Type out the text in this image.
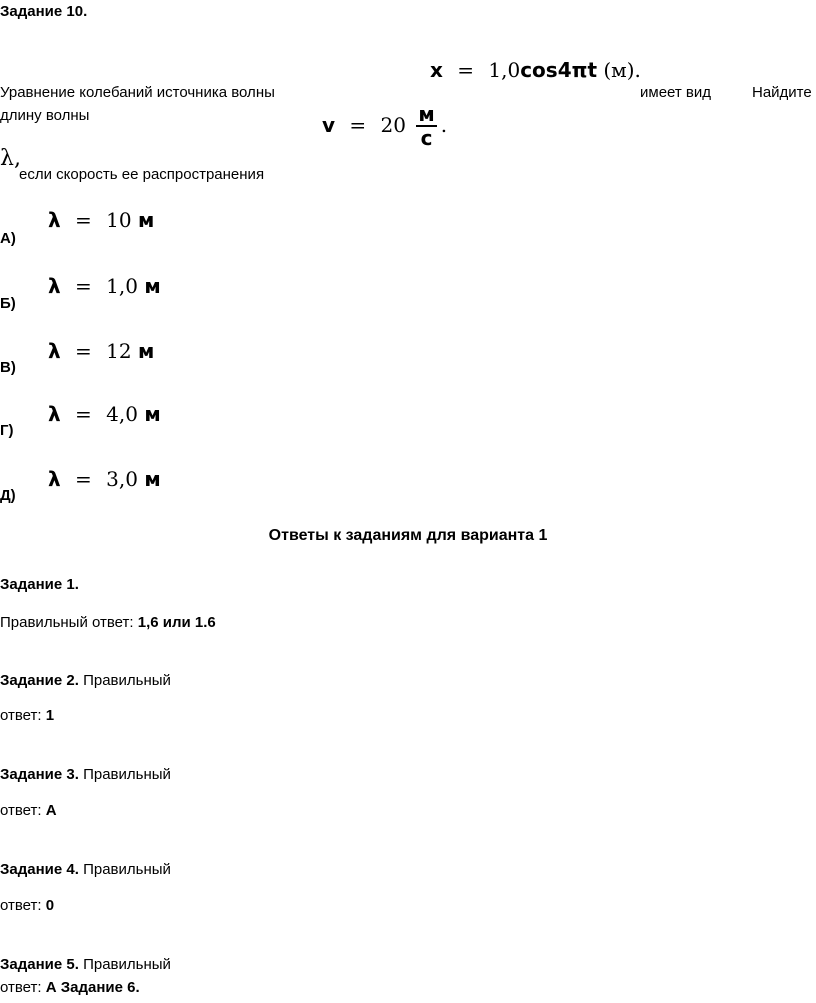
Задание 10.
x = 1,0cos4πt (м).
Уравнение колебаний источника волны	имеет вид	Найдите
длину волны	$v = 20 \frac{м}{с}$ .
λ,
если скорость ее распространения
λ = 10 м
А)
λ = 1,0 м
Б)
λ = 12 м
В)
λ = 4,0 м
Г)
λ = 3,0 м
Д)
Ответы к заданиям для варианта 1
Задание 1.
Правильный ответ: 1,6 или 1.6
Задание 2. Правильный
ответ: 1
Задание 3. Правильный
ответ: А
Задание 4. Правильный
ответ: 0
Задание 5. Правильный
ответ: А Задание 6.
